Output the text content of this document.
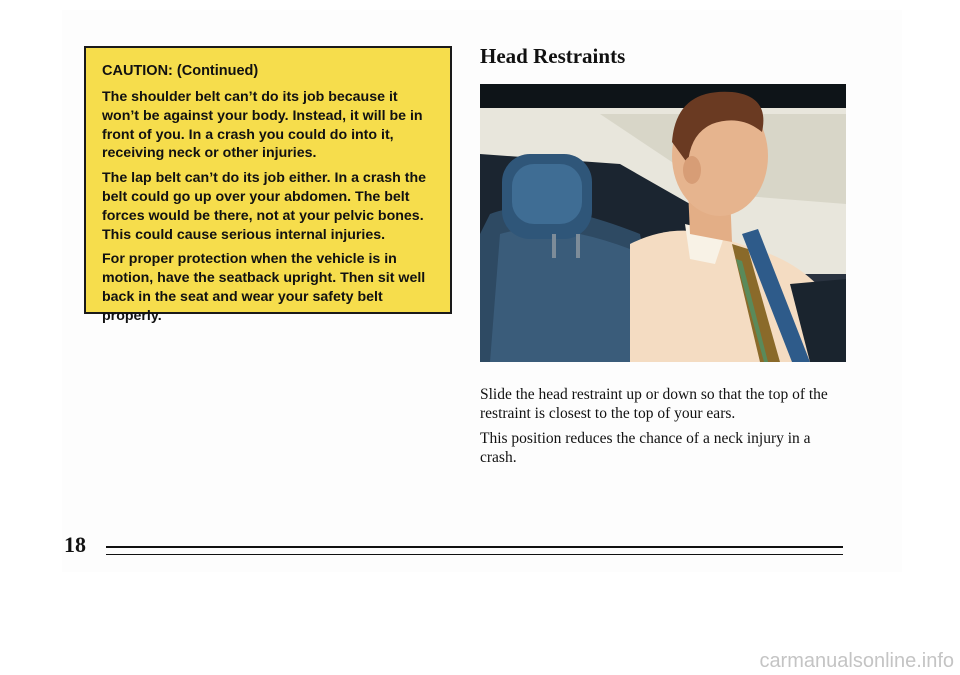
CAUTION: (Continued)

The shoulder belt can’t do its job because it won’t be against your body. Instead, it will be in front of you. In a crash you could do into it, receiving neck or other injuries.

The lap belt can’t do its job either. In a crash the belt could go up over your abdomen. The belt forces would be there, not at your pelvic bones. This could cause serious internal injuries.

For proper protection when the vehicle is in motion, have the seatback upright. Then sit well back in the seat and wear your safety belt properly.

Head Restraints

Slide the head restraint up or down so that the top of the restraint is closest to the top of your ears.

This position reduces the chance of a neck injury in a crash.

18

carmanualsonline.info
